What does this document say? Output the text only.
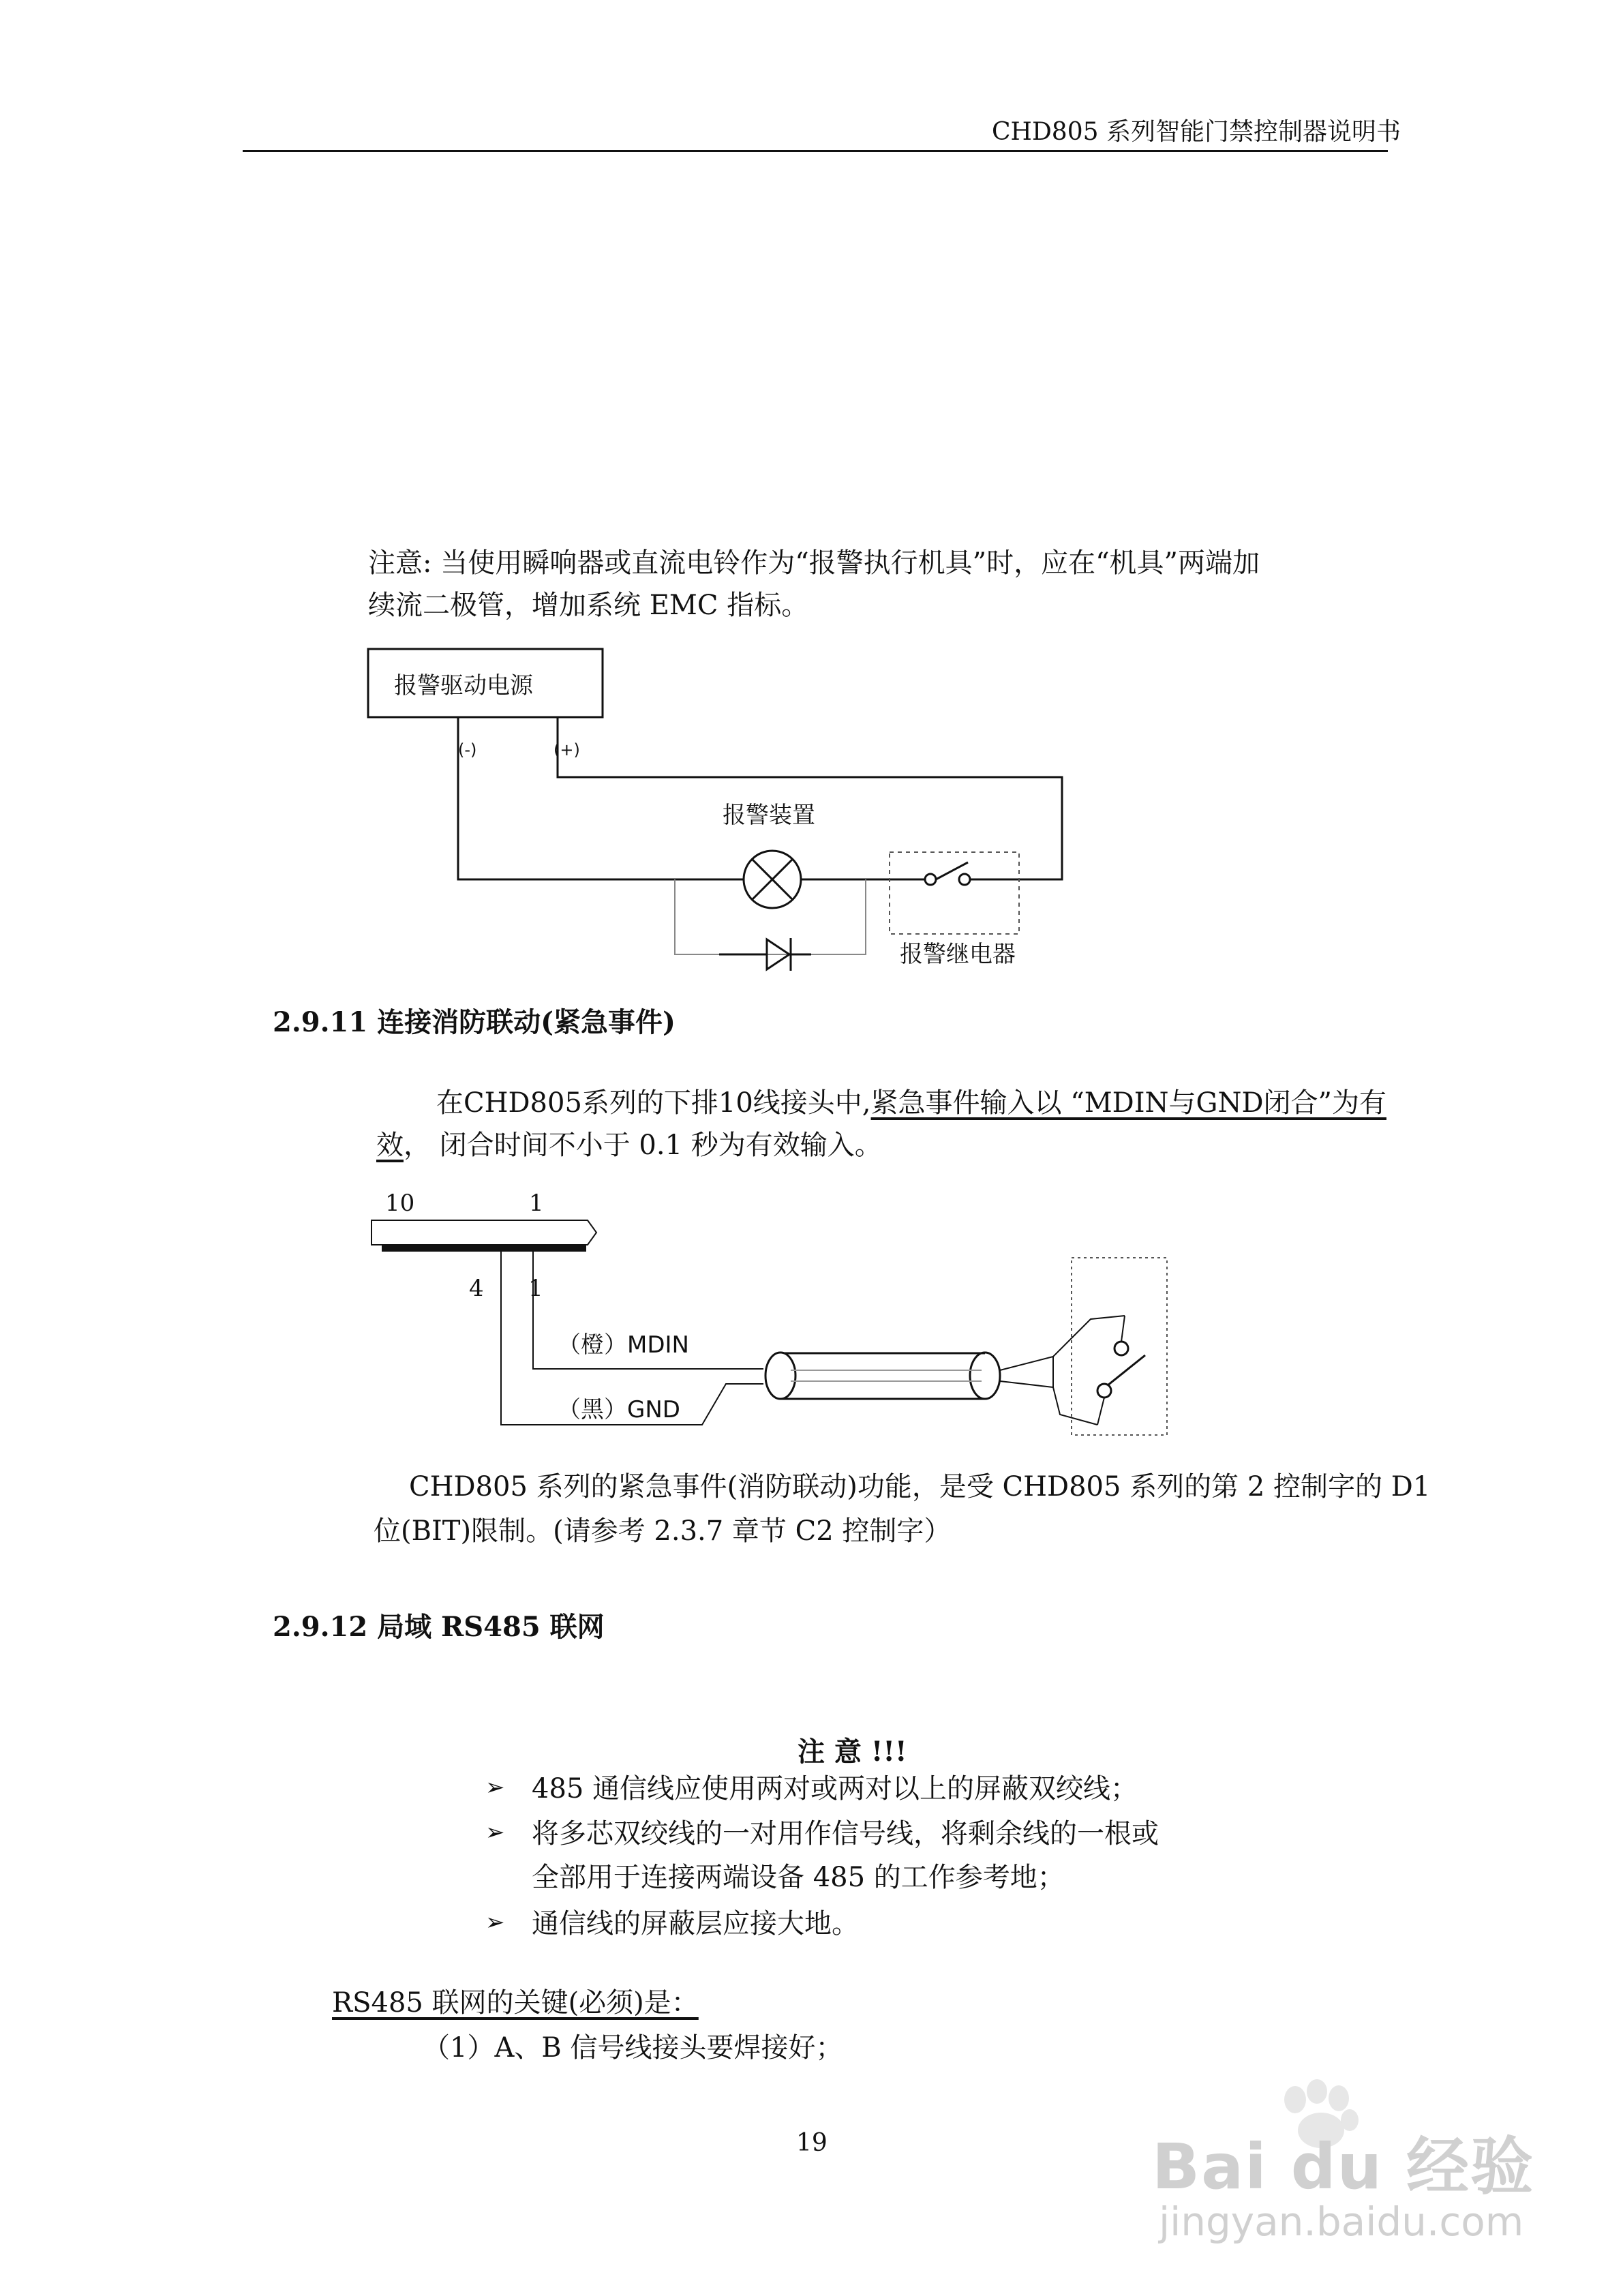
CHD805 系列智能门禁控制器说明书
注意: 当使用瞬响器或直流电铃作为“报警执行机具”时，应在“机具”两端加
续流二极管，增加系统 EMC 指标。
报警驱动电源
(-)	(+)
报警装置
报警继电器
2.9.11 连接消防联动(紧急事件)
在CHD805系列的下排10线接头中,紧急事件输入以 “MDIN与GND闭合”为有
效， 闭合时间不小于 0.1 秒为有效输入。
10	1
4 1
（橙）MDIN
（黑）GND
CHD805 系列的紧急事件(消防联动)功能，是受 CHD805 系列的第 2 控制字的 D1
位(BIT)限制。(请参考 2.3.7 章节 C2 控制字）
2.9.12 局域 RS485 联网
注 意 !!!
➢ 485 通信线应使用两对或两对以上的屏蔽双绞线；
➢ 将多芯双绞线的一对用作信号线，将剩余线的一根或
全部用于连接两端设备 485 的工作参考地；
➢ 通信线的屏蔽层应接大地。
RS485 联网的关键(必须)是：
（1）A、B 信号线接头要焊接好；
19	Bai du 经验
jingyan.baidu.com
